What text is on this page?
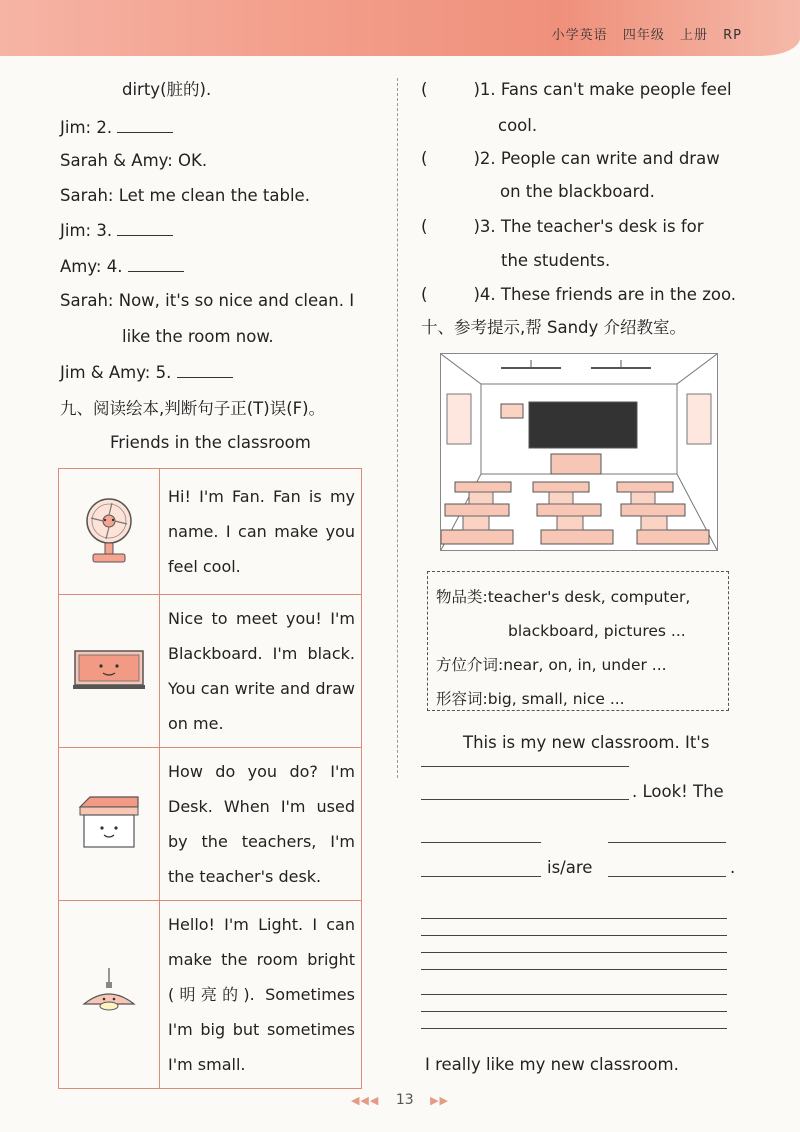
小学英语 四年级 上册 RP
dirty(脏的).
Jim: 2.
Sarah & Amy: OK.
Sarah: Let me clean the table.
Jim: 3.
Amy: 4.
Sarah: Now, it's so nice and clean. I
like the room now.
Jim & Amy: 5.
九、阅读绘本,判断句子正(T)误(F)。
Friends in the classroom
	Hi! I'm Fan. Fan is my name. I can make you feel cool.
	Nice to meet you! I'm Blackboard. I'm black. You can write and draw on me.
	How do you do? I'm Desk. When I'm used by the teachers, I'm the teacher's desk.
	Hello! I'm Light. I can make the room bright (明亮的). Sometimes I'm big but sometimes I'm small.
(	)1. Fans can't make people feel
cool.
(	)2. People can write and draw
on the blackboard.
(	)3. The teacher's desk is for
the students.
(	)4. These friends are in the zoo.
十、参考提示,帮 Sandy 介绍教室。
物品类:teacher's desk, computer,
blackboard, pictures ...
方位介词:near, on, in, under ...
形容词:big, small, nice ...
This is my new classroom. It's
. Look! The
is/are	.
I really like my new classroom.
◀◀◀ 13 ▶▶
